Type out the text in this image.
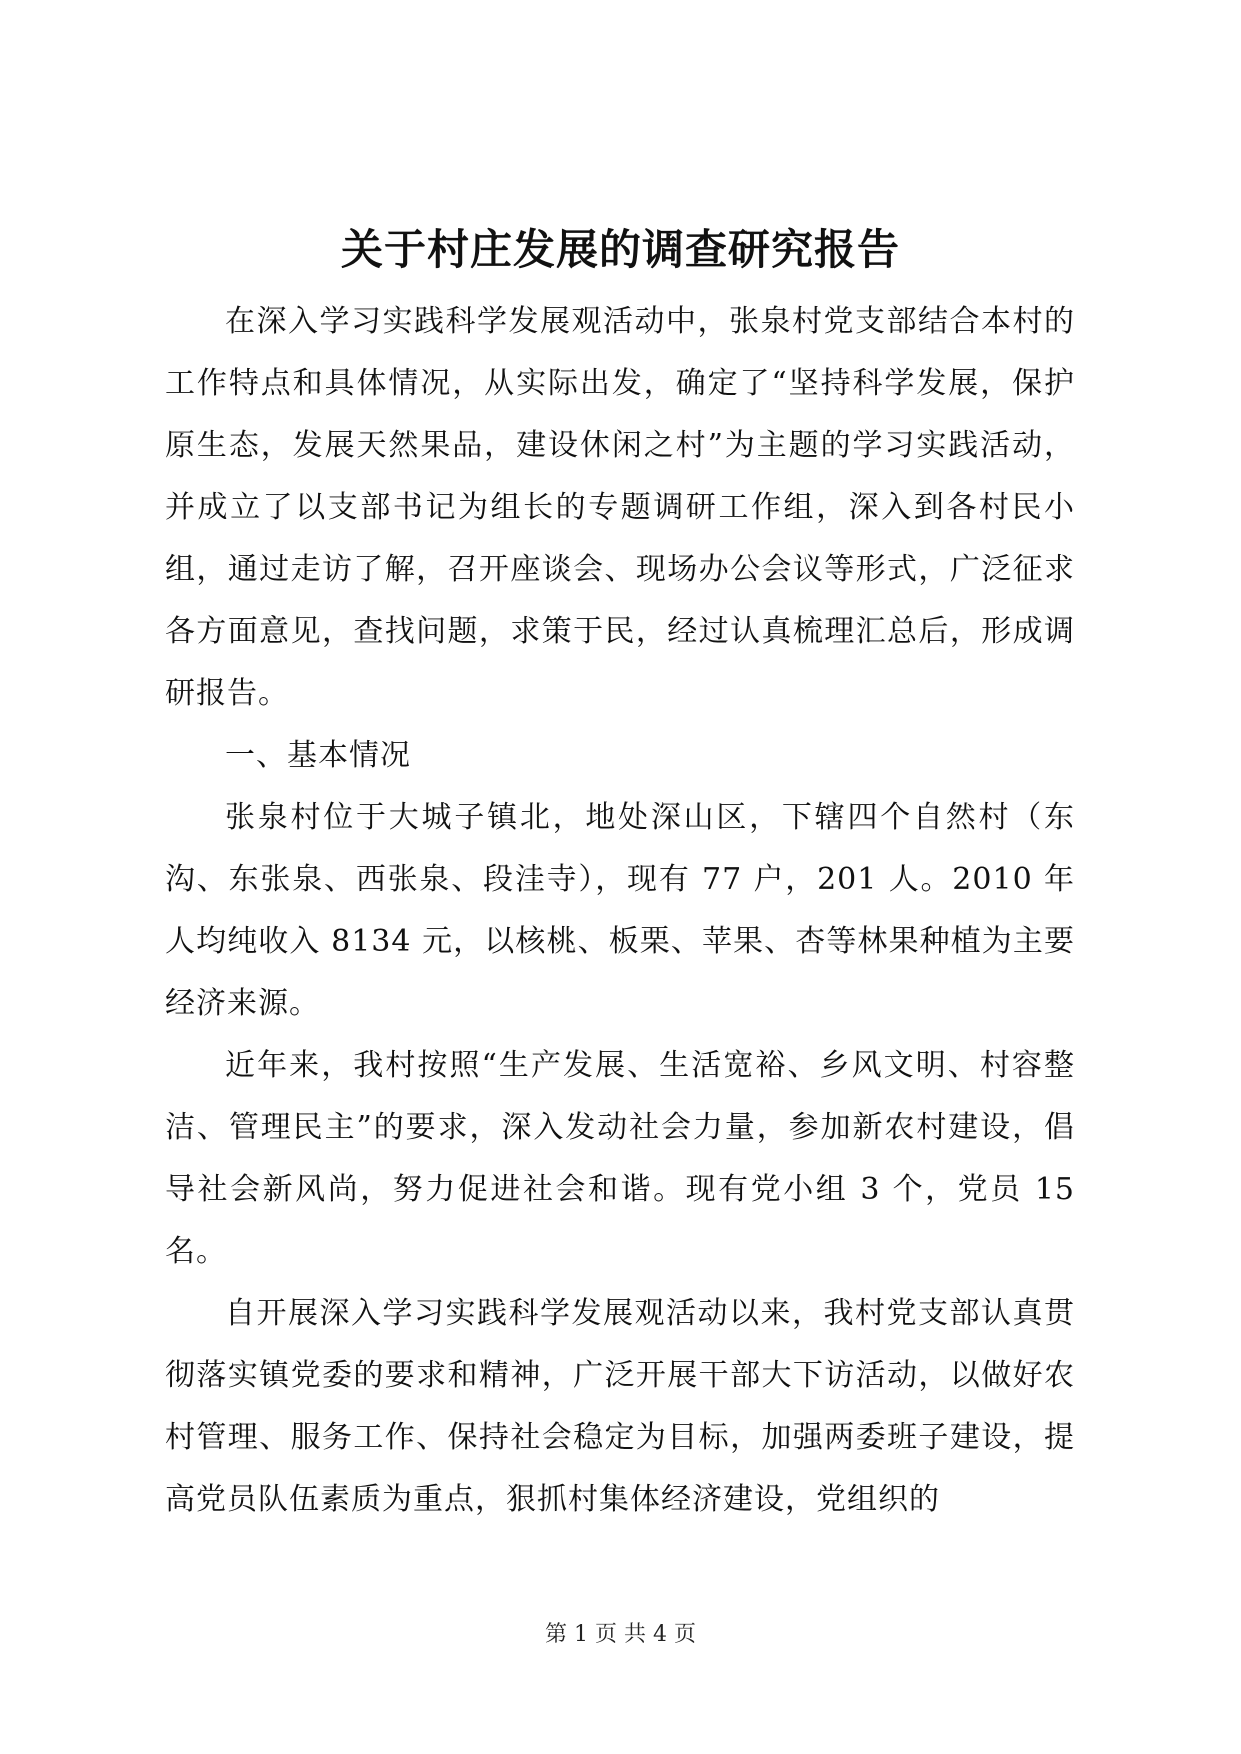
关于村庄发展的调查研究报告

在深入学习实践科学发展观活动中，张泉村党支部结合本村的工作特点和具体情况，从实际出发，确定了“坚持科学发展，保护原生态，发展天然果品，建设休闲之村”为主题的学习实践活动，并成立了以支部书记为组长的专题调研工作组，深入到各村民小组，通过走访了解，召开座谈会、现场办公会议等形式，广泛征求各方面意见，查找问题，求策于民，经过认真梳理汇总后，形成调研报告。

一、基本情况

张泉村位于大城子镇北，地处深山区，下辖四个自然村（东沟、东张泉、西张泉、段洼寺），现有 77 户，201 人。2010 年人均纯收入 8134 元，以核桃、板栗、苹果、杏等林果种植为主要经济来源。

近年来，我村按照“生产发展、生活宽裕、乡风文明、村容整洁、管理民主”的要求，深入发动社会力量，参加新农村建设，倡导社会新风尚，努力促进社会和谐。现有党小组 3 个，党员 15 名。

自开展深入学习实践科学发展观活动以来，我村党支部认真贯彻落实镇党委的要求和精神，广泛开展干部大下访活动，以做好农村管理、服务工作、保持社会稳定为目标，加强两委班子建设，提高党员队伍素质为重点，狠抓村集体经济建设，党组织的

第 1 页 共 4 页
